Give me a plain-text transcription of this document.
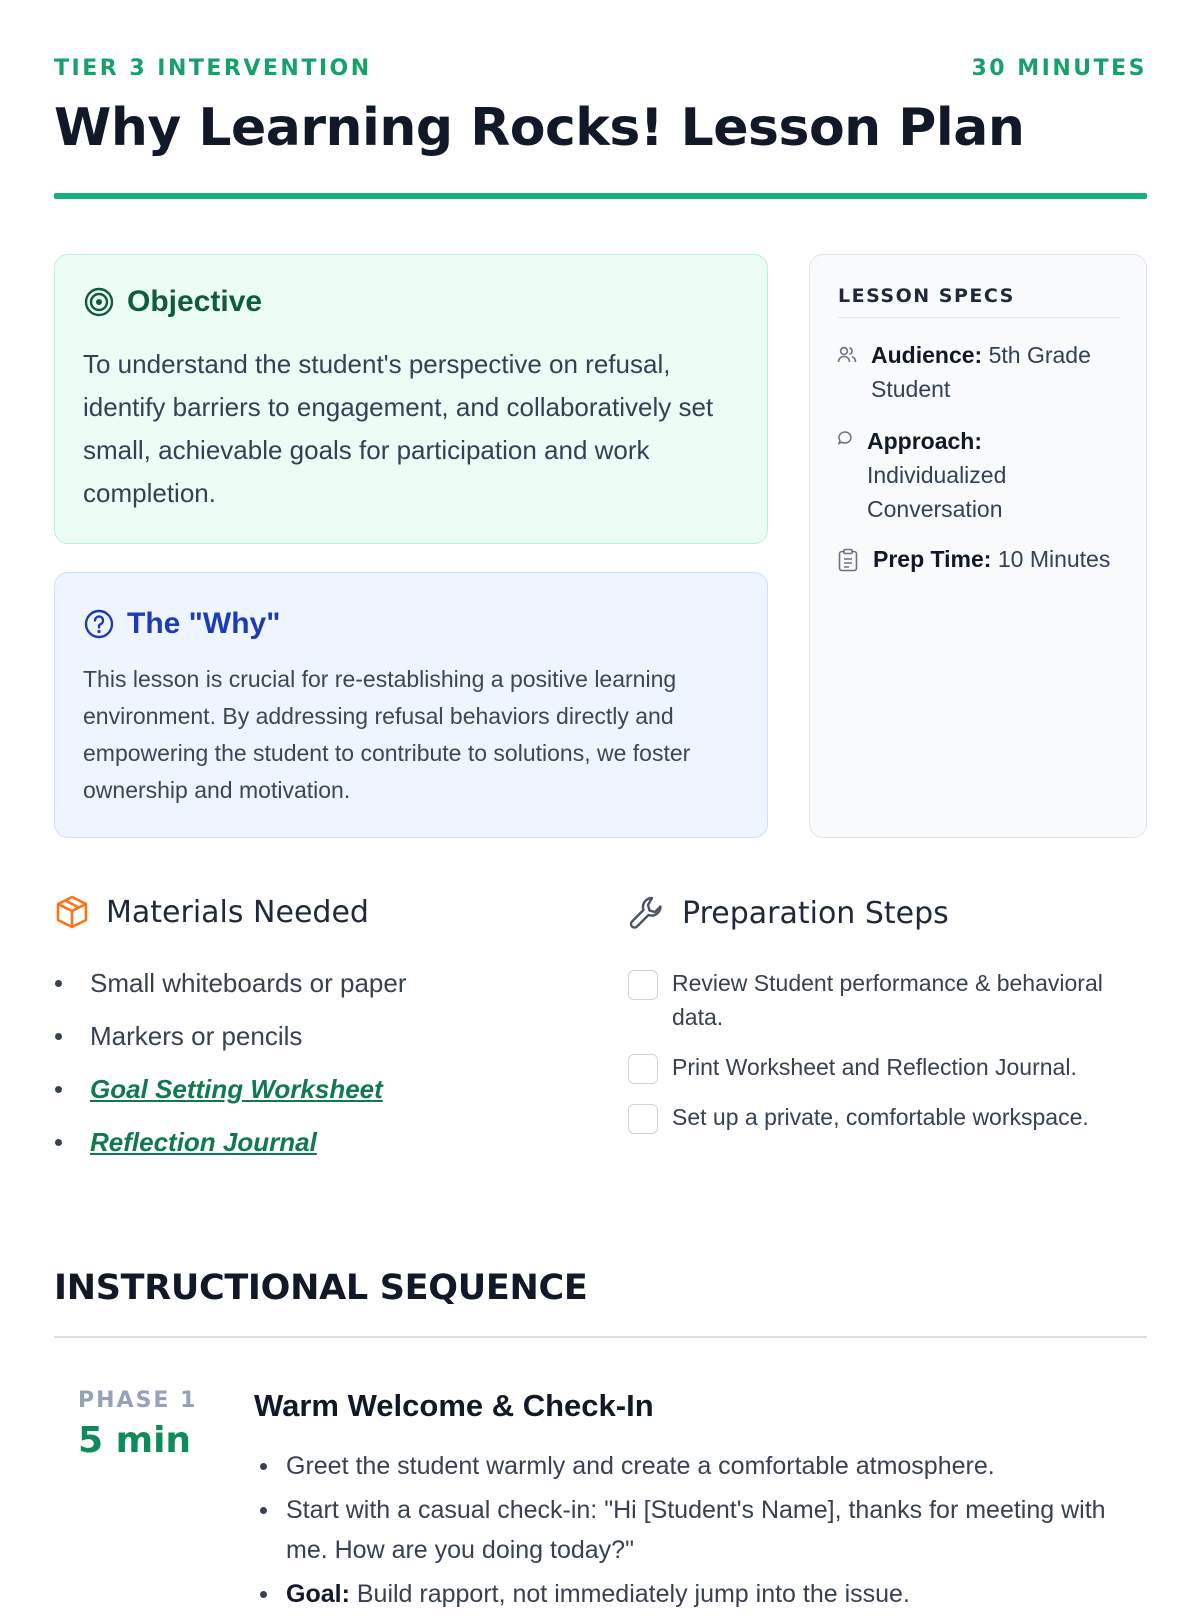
TIER 3 INTERVENTION	30 MINUTES
Why Learning Rocks! Lesson Plan
Objective
To understand the student's perspective on refusal, identify barriers to engagement, and collaboratively set small, achievable goals for participation and work completion.
The "Why"
This lesson is crucial for re-establishing a positive learning environment. By addressing refusal behaviors directly and empowering the student to contribute to solutions, we foster ownership and motivation.
LESSON SPECS
Audience: 5th Grade Student
Approach:
Individualized Conversation
Prep Time: 10 Minutes
Materials Needed
Small whiteboards or paper
Markers or pencils
Goal Setting Worksheet
Reflection Journal
Preparation Steps
Review Student performance & behavioral data.
Print Worksheet and Reflection Journal.
Set up a private, comfortable workspace.
INSTRUCTIONAL SEQUENCE
PHASE 1
5 min
Warm Welcome & Check-In
Greet the student warmly and create a comfortable atmosphere.
Start with a casual check-in: "Hi [Student's Name], thanks for meeting with me. How are you doing today?"
Goal: Build rapport, not immediately jump into the issue.
